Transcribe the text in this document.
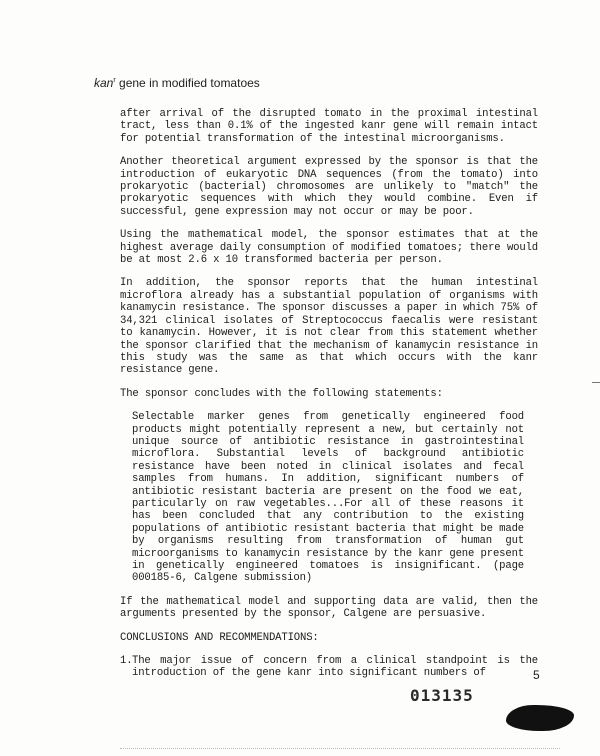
kan$^r$ gene in modified tomatoes

after arrival of the disrupted tomato in the proximal intestinal tract, less than 0.1% of the ingested kanr gene will remain intact for potential transformation of the intestinal microorganisms.

Another theoretical argument expressed by the sponsor is that the introduction of eukaryotic DNA sequences (from the tomato) into prokaryotic (bacterial) chromosomes are unlikely to "match" the prokaryotic sequences with which they would combine. Even if successful, gene expression may not occur or may be poor.

Using the mathematical model, the sponsor estimates that at the highest average daily consumption of modified tomatoes; there would be at most 2.6 x 10 transformed bacteria per person.

In addition, the sponsor reports that the human intestinal microflora already has a substantial population of organisms with kanamycin resistance. The sponsor discusses a paper in which 75% of 34,321 clinical isolates of Streptococcus faecalis were resistant to kanamycin. However, it is not clear from this statement whether the sponsor clarified that the mechanism of kanamycin resistance in this study was the same as that which occurs with the kanr resistance gene.

The sponsor concludes with the following statements:

Selectable marker genes from genetically engineered food products might potentially represent a new, but certainly not unique source of antibiotic resistance in gastrointestinal microflora. Substantial levels of background antibiotic resistance have been noted in clinical isolates and fecal samples from humans. In addition, significant numbers of antibiotic resistant bacteria are present on the food we eat, particularly on raw vegetables...For all of these reasons it has been concluded that any contribution to the existing populations of antibiotic resistant bacteria that might be made by organisms resulting from transformation of human gut microorganisms to kanamycin resistance by the kanr gene present in genetically engineered tomatoes is insignificant. (page 000185-6, Calgene submission)

If the mathematical model and supporting data are valid, then the arguments presented by the sponsor, Calgene are persuasive.

CONCLUSIONS AND RECOMMENDATIONS:

1. The major issue of concern from a clinical standpoint is the introduction of the gene kanr into significant numbers of	5
013135
